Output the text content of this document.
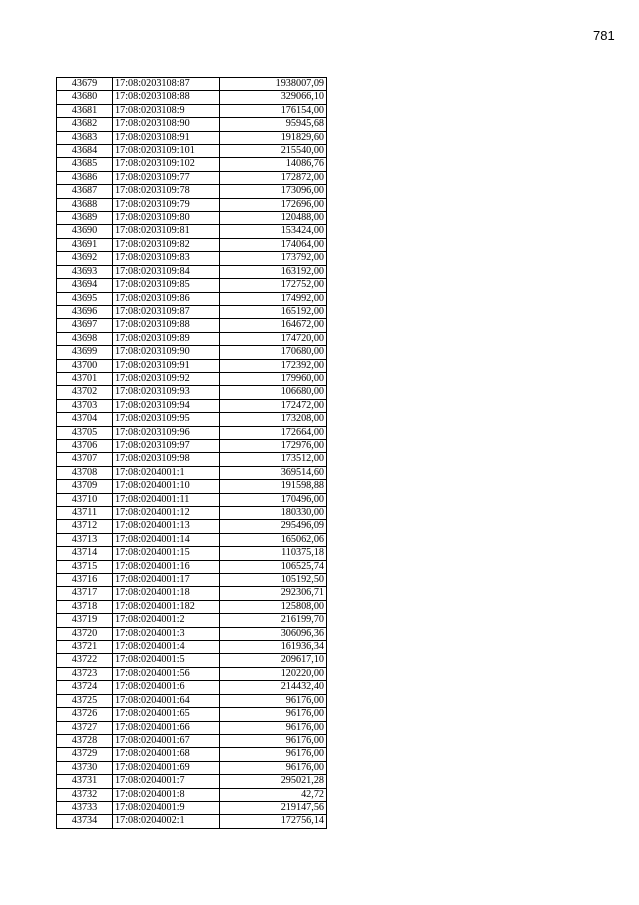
781
43679	17:08:0203108:87	1938007,09
43680	17:08:0203108:88	329066,10
43681	17:08:0203108:9	176154,00
43682	17:08:0203108:90	95945,68
43683	17:08:0203108:91	191829,60
43684	17:08:0203109:101	215540,00
43685	17:08:0203109:102	14086,76
43686	17:08:0203109:77	172872,00
43687	17:08:0203109:78	173096,00
43688	17:08:0203109:79	172696,00
43689	17:08:0203109:80	120488,00
43690	17:08:0203109:81	153424,00
43691	17:08:0203109:82	174064,00
43692	17:08:0203109:83	173792,00
43693	17:08:0203109:84	163192,00
43694	17:08:0203109:85	172752,00
43695	17:08:0203109:86	174992,00
43696	17:08:0203109:87	165192,00
43697	17:08:0203109:88	164672,00
43698	17:08:0203109:89	174720,00
43699	17:08:0203109:90	170680,00
43700	17:08:0203109:91	172392,00
43701	17:08:0203109:92	179960,00
43702	17:08:0203109:93	106680,00
43703	17:08:0203109:94	172472,00
43704	17:08:0203109:95	173208,00
43705	17:08:0203109:96	172664,00
43706	17:08:0203109:97	172976,00
43707	17:08:0203109:98	173512,00
43708	17:08:0204001:1	369514,60
43709	17:08:0204001:10	191598,88
43710	17:08:0204001:11	170496,00
43711	17:08:0204001:12	180330,00
43712	17:08:0204001:13	295496,09
43713	17:08:0204001:14	165062,06
43714	17:08:0204001:15	110375,18
43715	17:08:0204001:16	106525,74
43716	17:08:0204001:17	105192,50
43717	17:08:0204001:18	292306,71
43718	17:08:0204001:182	125808,00
43719	17:08:0204001:2	216199,70
43720	17:08:0204001:3	306096,36
43721	17:08:0204001:4	161936,34
43722	17:08:0204001:5	209617,10
43723	17:08:0204001:56	120220,00
43724	17:08:0204001:6	214432,40
43725	17:08:0204001:64	96176,00
43726	17:08:0204001:65	96176,00
43727	17:08:0204001:66	96176,00
43728	17:08:0204001:67	96176,00
43729	17:08:0204001:68	96176,00
43730	17:08:0204001:69	96176,00
43731	17:08:0204001:7	295021,28
43732	17:08:0204001:8	42,72
43733	17:08:0204001:9	219147,56
43734	17:08:0204002:1	172756,14
